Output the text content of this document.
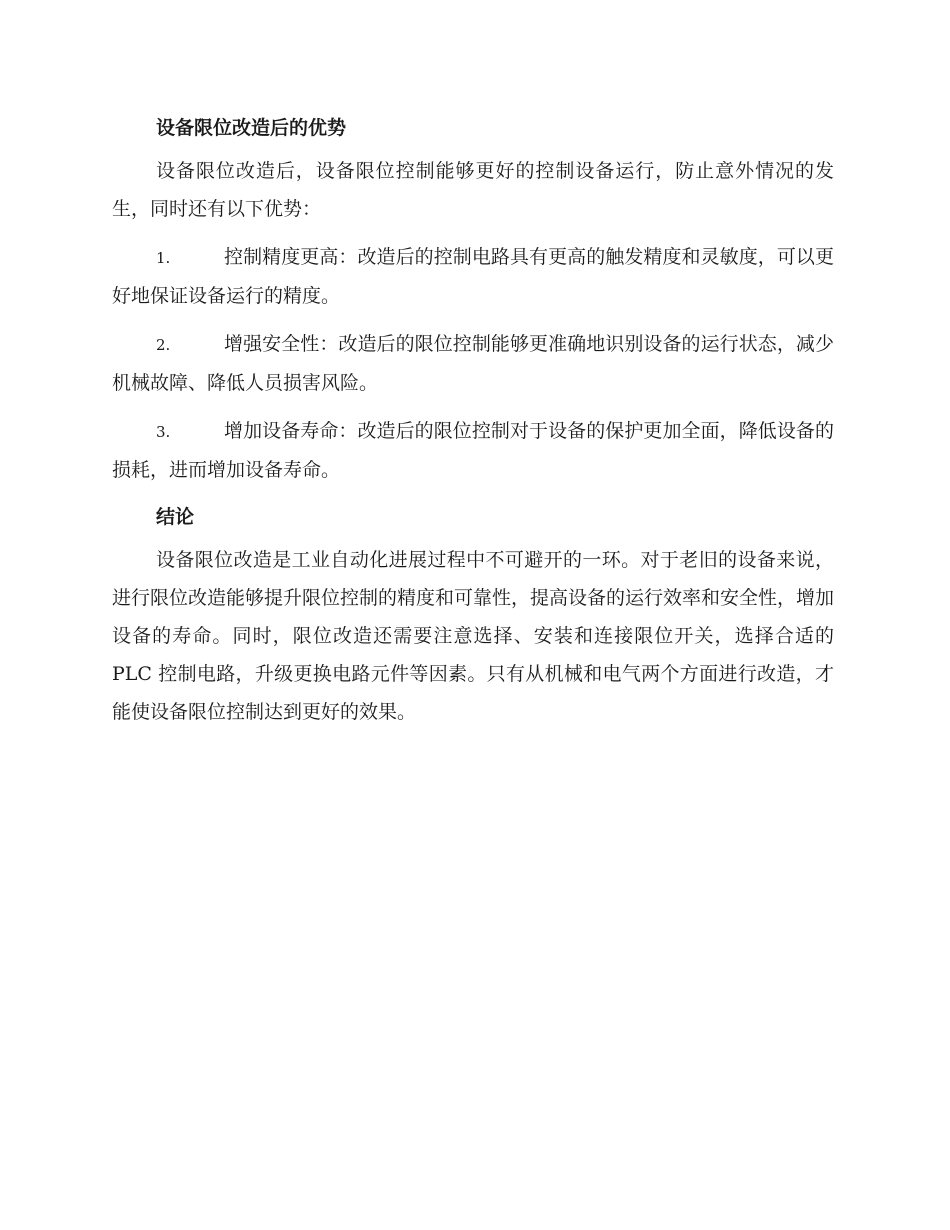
设备限位改造后的优势

设备限位改造后，设备限位控制能够更好的控制设备运行，防止意外情况的发生，同时还有以下优势：

1.	控制精度更高：改造后的控制电路具有更高的触发精度和灵敏度，可以更好地保证设备运行的精度。

2.	增强安全性：改造后的限位控制能够更准确地识别设备的运行状态，减少机械故障、降低人员损害风险。

3.	增加设备寿命：改造后的限位控制对于设备的保护更加全面，降低设备的损耗，进而增加设备寿命。

结论

设备限位改造是工业自动化进展过程中不可避开的一环。对于老旧的设备来说，进行限位改造能够提升限位控制的精度和可靠性，提高设备的运行效率和安全性，增加设备的寿命。同时，限位改造还需要注意选择、安装和连接限位开关，选择合适的 PLC 控制电路，升级更换电路元件等因素。只有从机械和电气两个方面进行改造，才能使设备限位控制达到更好的效果。
